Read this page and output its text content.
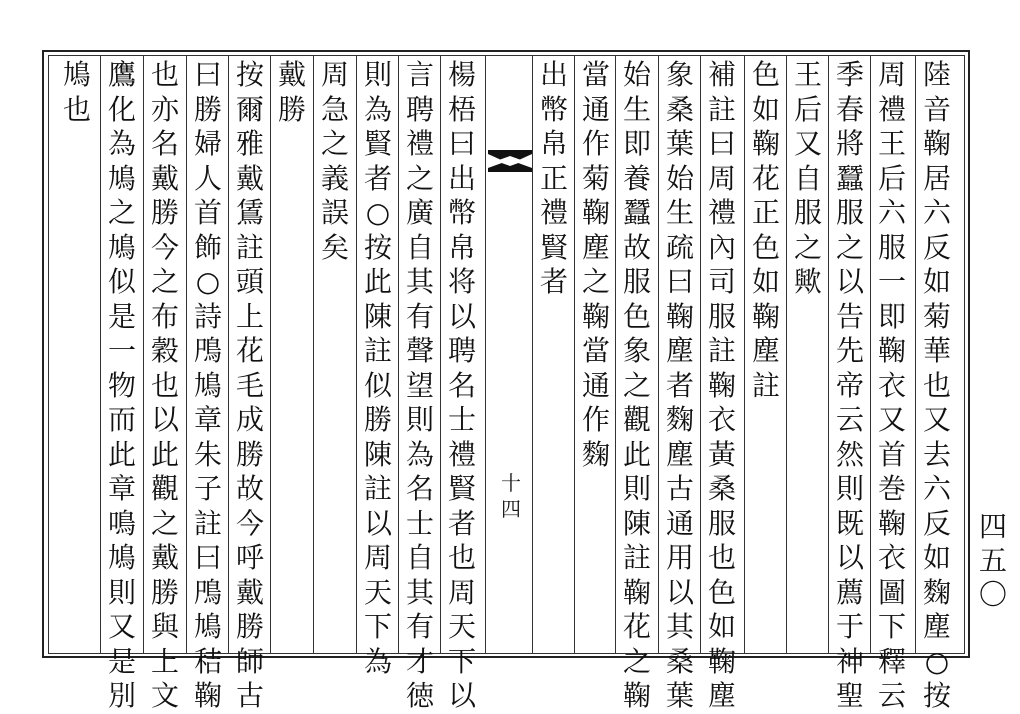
十
四
陸
音
鞠
居
六
反
如
菊
華
也
又
去
六
反
如
麴
塵
○
按
周
禮
王
后
六
服
一
即
鞠
衣
又
首
巻
鞠
衣
圖
下
釋
云
季
春
將
蠶
服
之
以
告
先
帝
云
然
則
既
以
薦
于
神
聖
王
后
又
自
服
之
歟
色
如
鞠
花
正
色
如
鞠
塵
註
補
註
曰
周
禮
內
司
服
註
鞠
衣
黃
桑
服
也
色
如
鞠
塵
象
桑
葉
始
生
疏
曰
鞠
塵
者
麴
塵
古
通
用
以
其
桑
葉
始
生
即
養
蠶
故
服
色
象
之
觀
此
則
陳
註
鞠
花
之
鞠
當
通
作
菊
鞠
塵
之
鞠
當
通
作
麴
出
幣
帛
正
禮
賢
者
楊
梧
曰
出
幣
帛
将
以
聘
名
士
禮
賢
者
也
周
天
下
以
言
聘
禮
之
廣
自
其
有
聲
望
則
為
名
士
自
其
有
才
徳
則
為
賢
者
○
按
此
陳
註
似
勝
陳
註
以
周
天
下
為
周
急
之
義
誤
矣
戴
勝
按
爾
雅
戴
鵀
註
頭
上
花
毛
成
勝
故
今
呼
戴
勝
師
古
曰
勝
婦
人
首
飾
○
詩
鳲
鳩
章
朱
子
註
曰
鳲
鳩
秸
鞠
也
亦
名
戴
勝
今
之
布
穀
也
以
此
觀
之
戴
勝
與
上
文
鷹
化
為
鳩
之
鳩
似
是
一
物
而
此
章
鳴
鳩
則
又
是
別
鳩
也
四
五
〇
